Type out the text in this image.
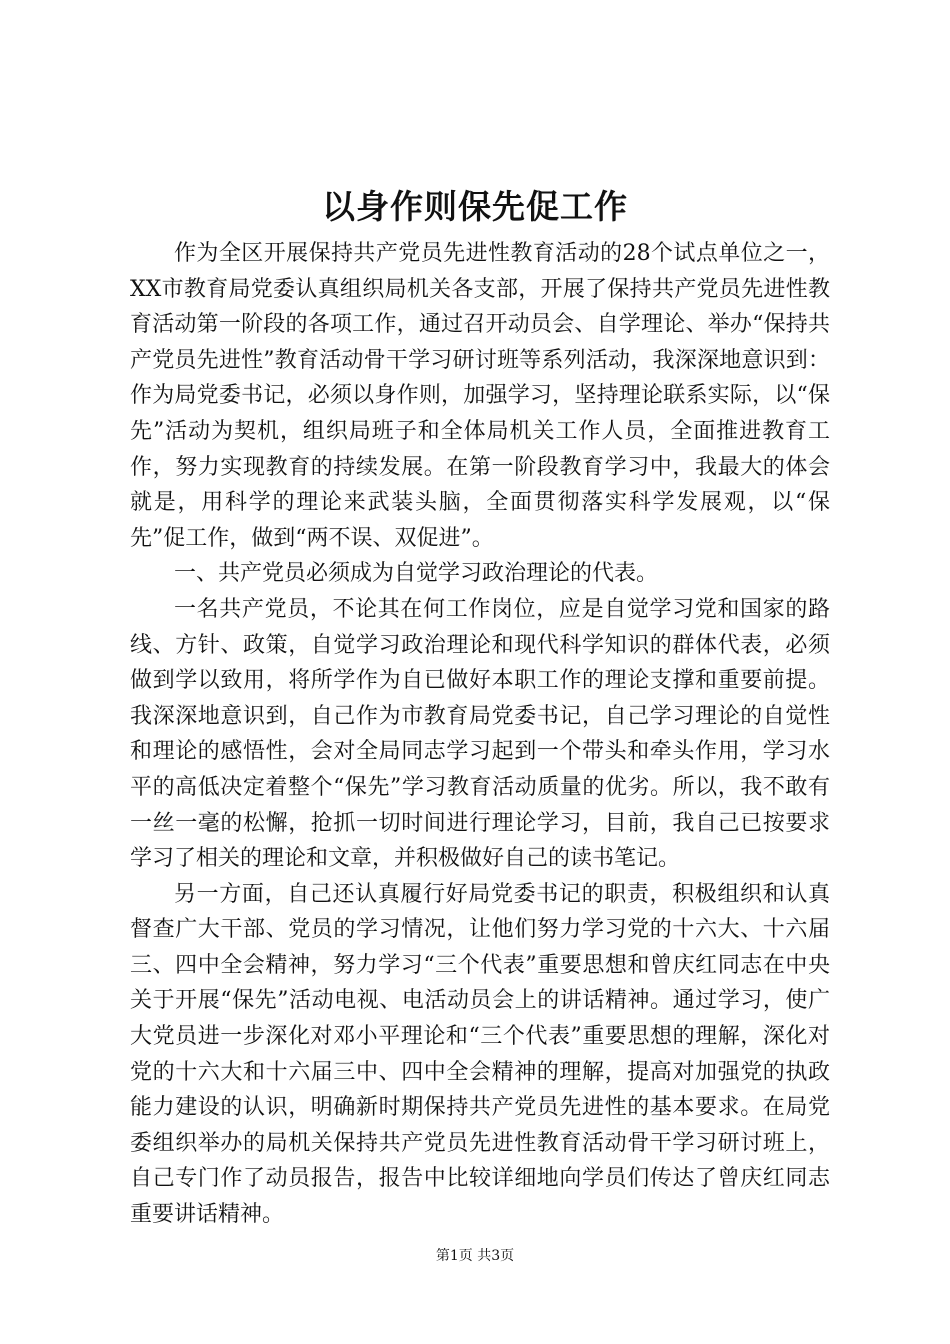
以身作则保先促工作

作为全区开展保持共产党员先进性教育活动的28个试点单位之一，XX市教育局党委认真组织局机关各支部，开展了保持共产党员先进性教育活动第一阶段的各项工作，通过召开动员会、自学理论、举办“保持共产党员先进性”教育活动骨干学习研讨班等系列活动，我深深地意识到：作为局党委书记，必须以身作则，加强学习，坚持理论联系实际，以“保先”活动为契机，组织局班子和全体局机关工作人员，全面推进教育工作，努力实现教育的持续发展。在第一阶段教育学习中，我最大的体会就是，用科学的理论来武装头脑，全面贯彻落实科学发展观，以“保先”促工作，做到“两不误、双促进”。

一、共产党员必须成为自觉学习政治理论的代表。

一名共产党员，不论其在何工作岗位，应是自觉学习党和国家的路线、方针、政策，自觉学习政治理论和现代科学知识的群体代表，必须做到学以致用，将所学作为自已做好本职工作的理论支撑和重要前提。我深深地意识到，自己作为市教育局党委书记，自己学习理论的自觉性和理论的感悟性，会对全局同志学习起到一个带头和牵头作用，学习水平的高低决定着整个“保先”学习教育活动质量的优劣。所以，我不敢有一丝一毫的松懈，抢抓一切时间进行理论学习，目前，我自己已按要求学习了相关的理论和文章，并积极做好自己的读书笔记。

另一方面，自己还认真履行好局党委书记的职责，积极组织和认真督查广大干部、党员的学习情况，让他们努力学习党的十六大、十六届三、四中全会精神，努力学习“三个代表”重要思想和曾庆红同志在中央关于开展“保先”活动电视、电活动员会上的讲话精神。通过学习，使广大党员进一步深化对邓小平理论和“三个代表”重要思想的理解，深化对党的十六大和十六届三中、四中全会精神的理解，提高对加强党的执政能力建设的认识，明确新时期保持共产党员先进性的基本要求。在局党委组织举办的局机关保持共产党员先进性教育活动骨干学习研讨班上，自己专门作了动员报告，报告中比较详细地向学员们传达了曾庆红同志重要讲话精神。

第1页 共3页
